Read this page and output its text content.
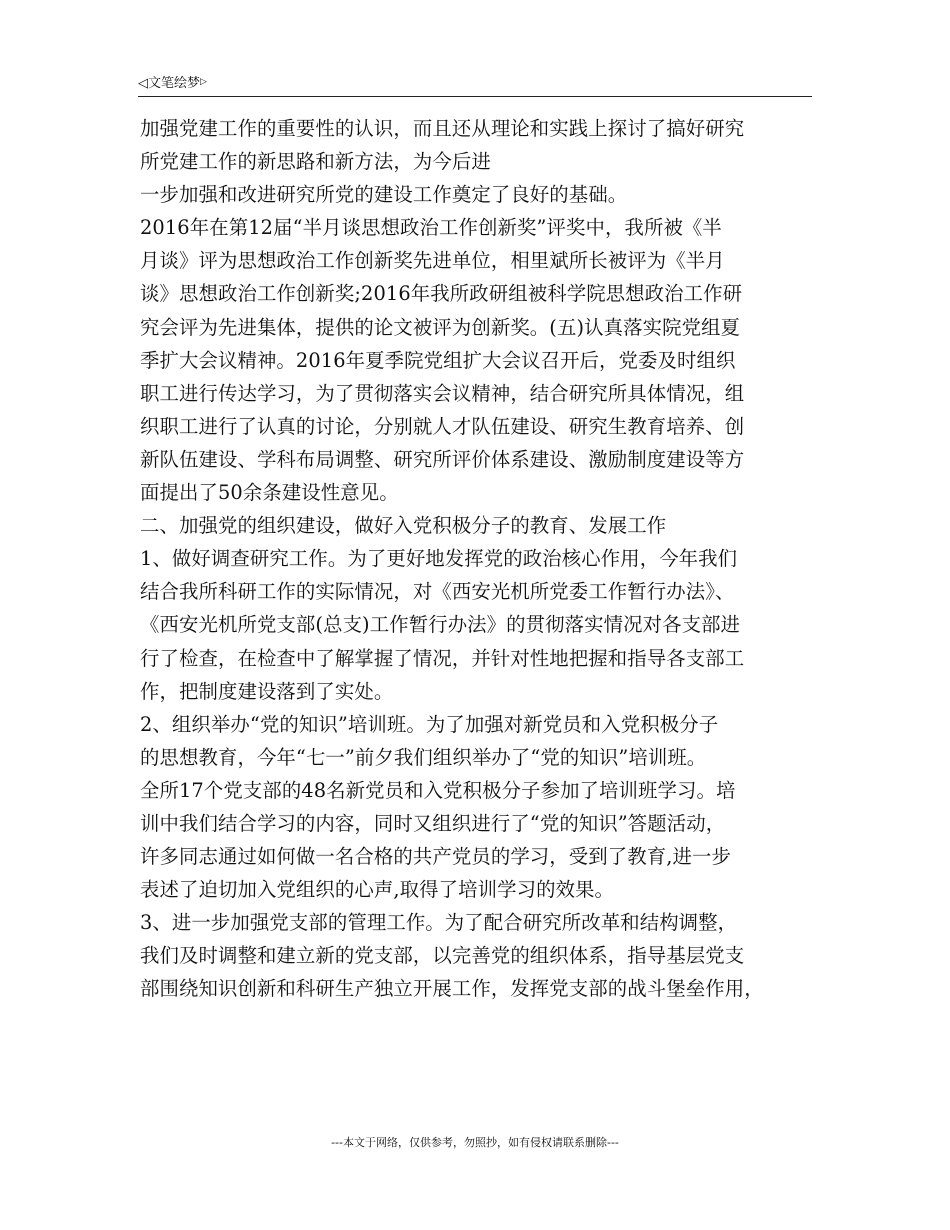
◁文笔绘梦▷
加强党建工作的重要性的认识，而且还从理论和实践上探讨了搞好研究
所党建工作的新思路和新方法，为今后进
一步加强和改进研究所党的建设工作奠定了良好的基础。
2016年在第12届“半月谈思想政治工作创新奖”评奖中，我所被《半
月谈》评为思想政治工作创新奖先进单位，相里斌所长被评为《半月
谈》思想政治工作创新奖;2016年我所政研组被科学院思想政治工作研
究会评为先进集体，提供的论文被评为创新奖。(五)认真落实院党组夏
季扩大会议精神。2016年夏季院党组扩大会议召开后，党委及时组织
职工进行传达学习，为了贯彻落实会议精神，结合研究所具体情况，组
织职工进行了认真的讨论，分别就人才队伍建设、研究生教育培养、创
新队伍建设、学科布局调整、研究所评价体系建设、激励制度建设等方
面提出了50余条建设性意见。
二、加强党的组织建设，做好入党积极分子的教育、发展工作
1、做好调查研究工作。为了更好地发挥党的政治核心作用，今年我们
结合我所科研工作的实际情况，对《西安光机所党委工作暂行办法》、
《西安光机所党支部(总支)工作暂行办法》的贯彻落实情况对各支部进
行了检查，在检查中了解掌握了情况，并针对性地把握和指导各支部工
作，把制度建设落到了实处。
2、组织举办“党的知识”培训班。为了加强对新党员和入党积极分子
的思想教育，今年“七一”前夕我们组织举办了“党的知识”培训班。
全所17个党支部的48名新党员和入党积极分子参加了培训班学习。培
训中我们结合学习的内容，同时又组织进行了“党的知识”答题活动，
许多同志通过如何做一名合格的共产党员的学习，受到了教育,进一步
表述了迫切加入党组织的心声,取得了培训学习的效果。
3、进一步加强党支部的管理工作。为了配合研究所改革和结构调整，
我们及时调整和建立新的党支部，以完善党的组织体系，指导基层党支
部围绕知识创新和科研生产独立开展工作，发挥党支部的战斗堡垒作用，
---本文于网络，仅供参考，勿照抄，如有侵权请联系删除---
